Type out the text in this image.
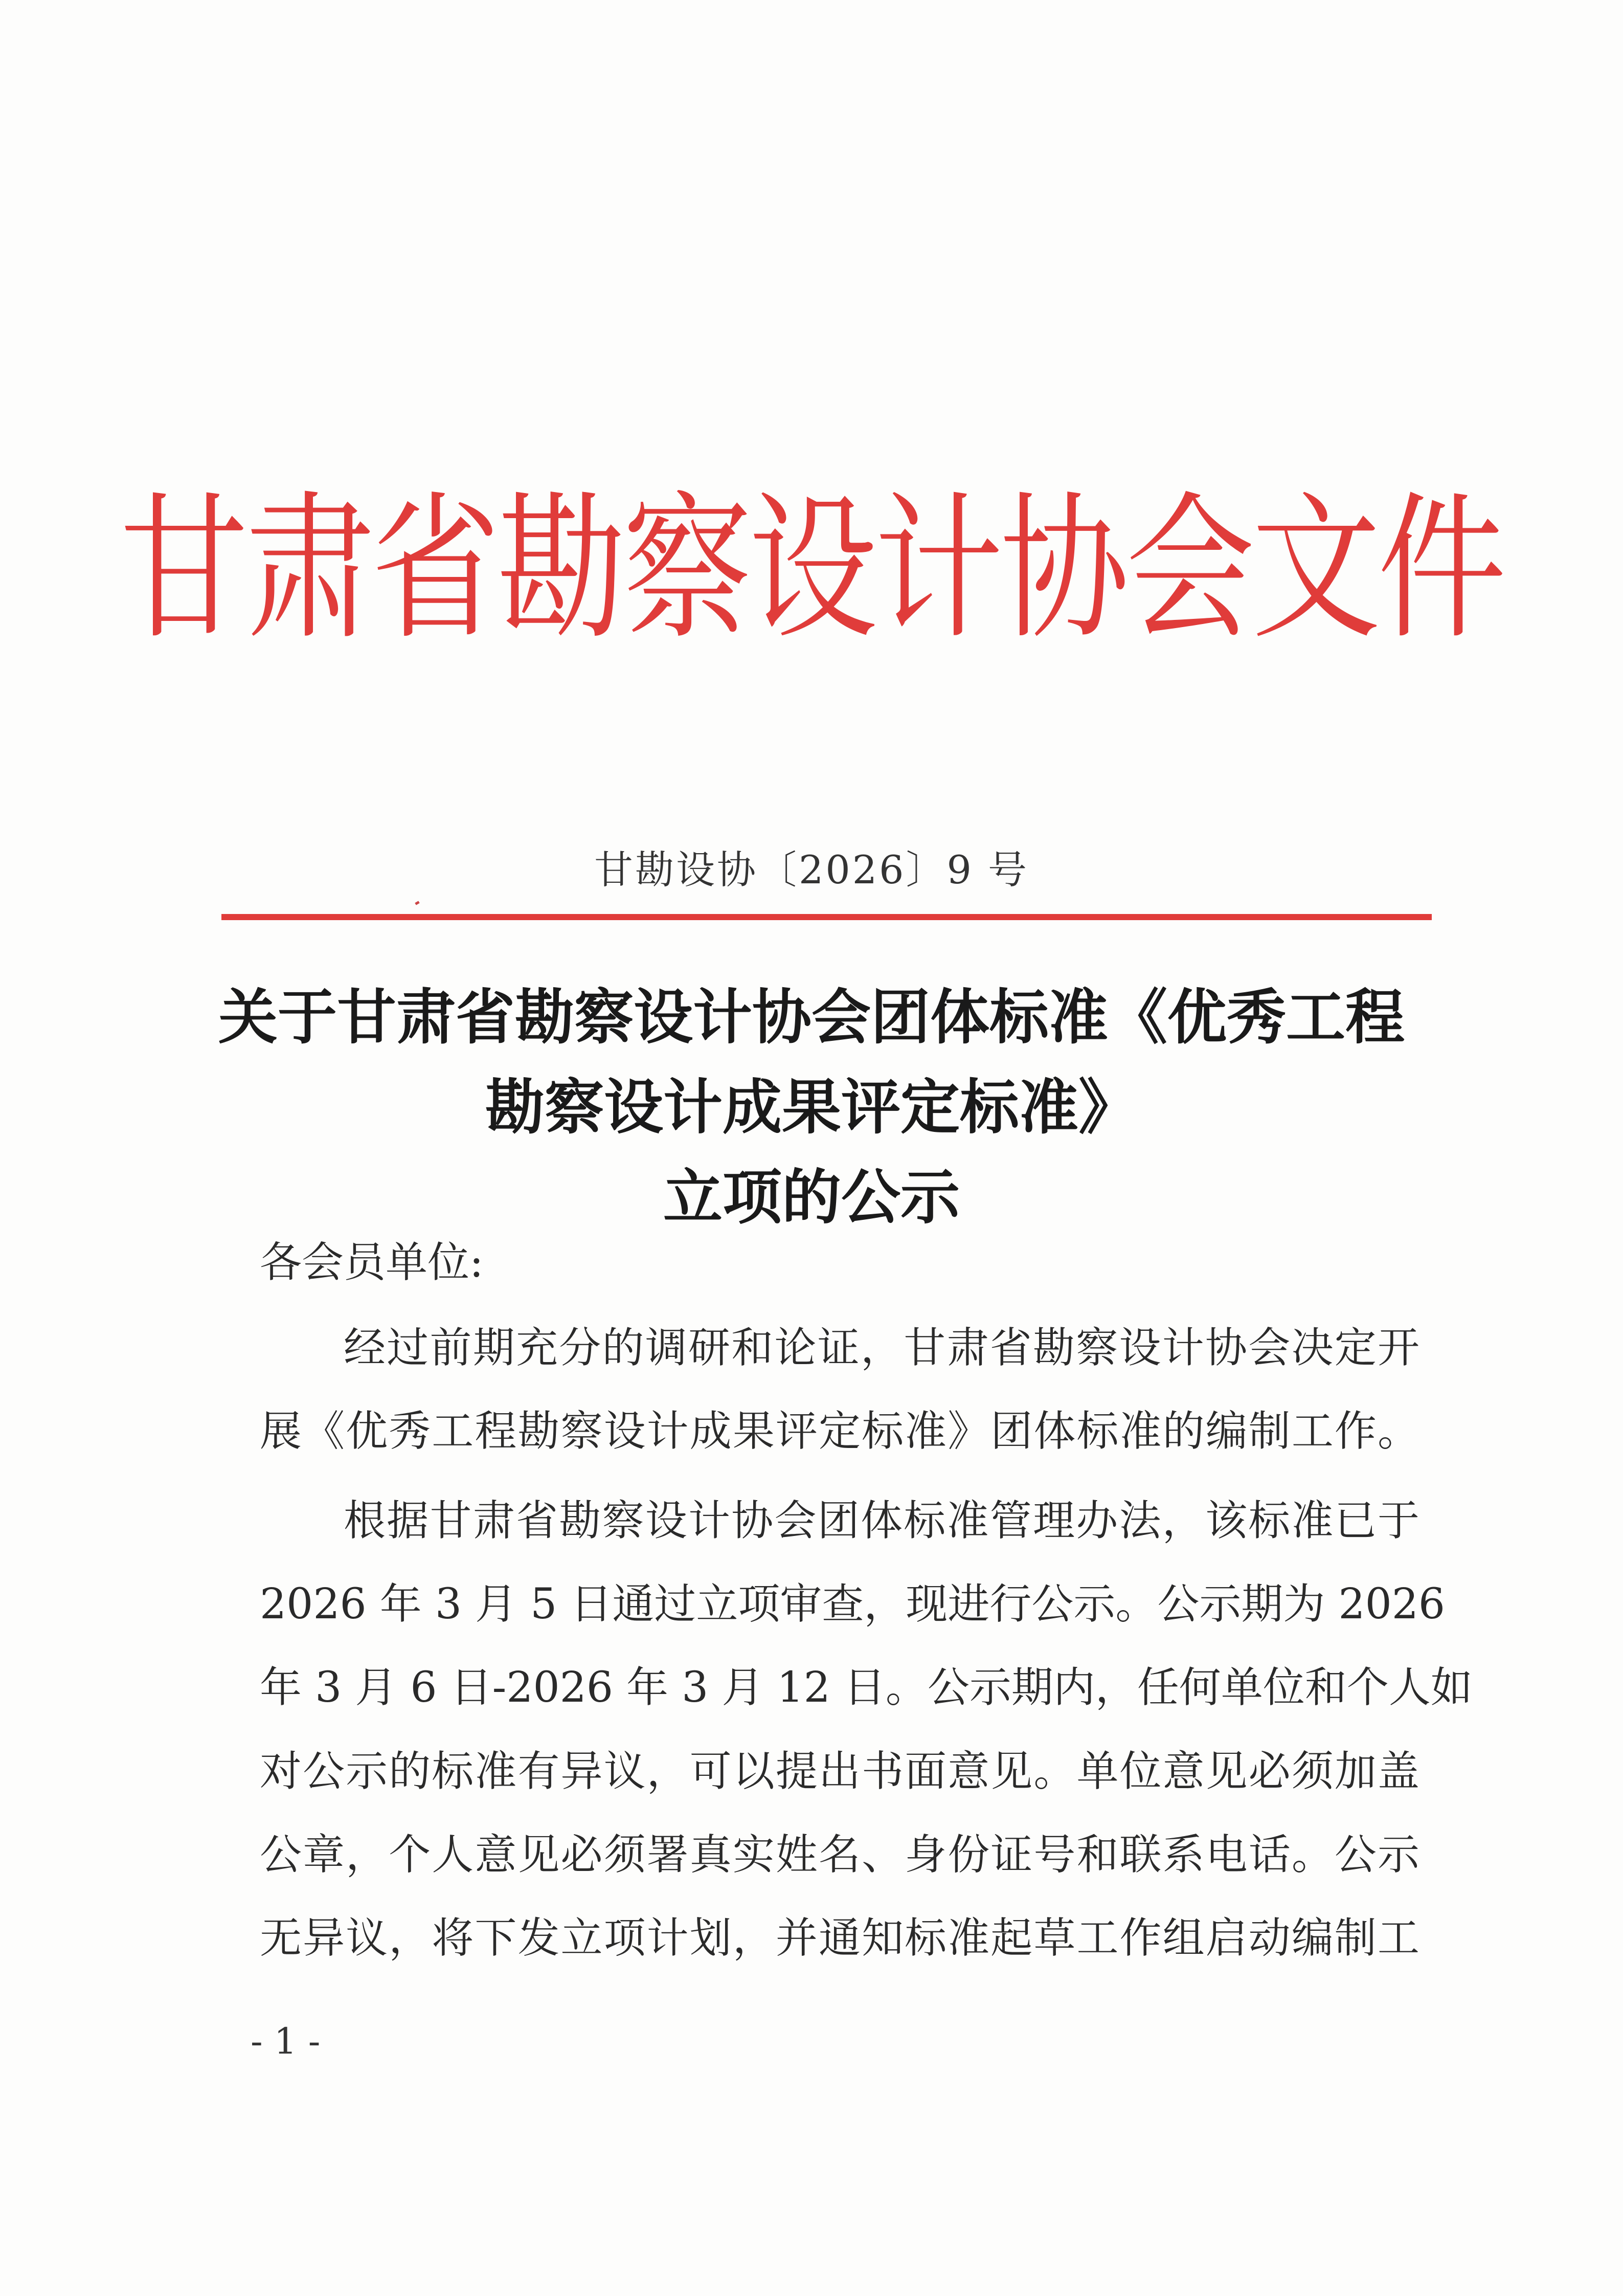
甘肃省勘察设计协会文件
甘勘设协〔2026〕9 号
关于甘肃省勘察设计协会团体标准《优秀工程
勘察设计成果评定标准》
立项的公示
各会员单位:
经过前期充分的调研和论证，甘肃省勘察设计协会决定开
展《优秀工程勘察设计成果评定标准》团体标准的编制工作。
根据甘肃省勘察设计协会团体标准管理办法，该标准已于
2026 年 3 月 5 日通过立项审查，现进行公示。公示期为 2026
年 3 月 6 日-2026 年 3 月 12 日。公示期内，任何单位和个人如
对公示的标准有异议，可以提出书面意见。单位意见必须加盖
公章，个人意见必须署真实姓名、身份证号和联系电话。公示
无异议，将下发立项计划，并通知标准起草工作组启动编制工
- 1 -
